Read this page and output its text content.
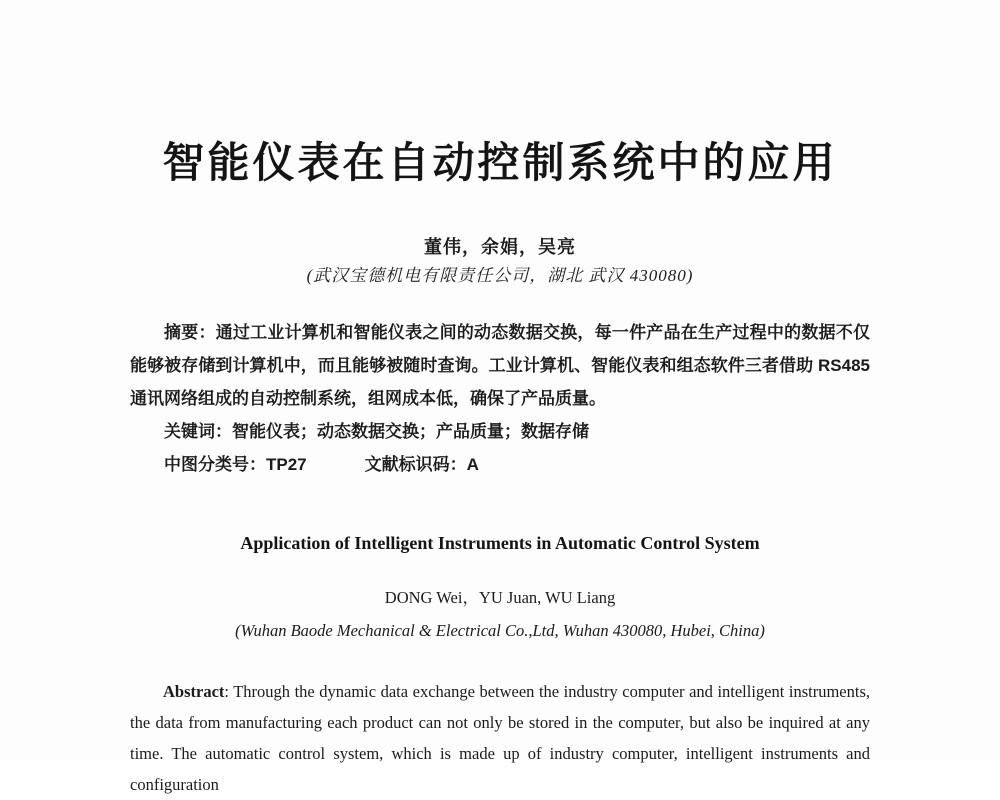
智能仪表在自动控制系统中的应用
董伟，余娟，吴亮
(武汉宝德机电有限责任公司，湖北 武汉 430080)

摘要：通过工业计算机和智能仪表之间的动态数据交换，每一件产品在生产过程中的数据不仅能够被存储到计算机中，而且能够被随时查询。工业计算机、智能仪表和组态软件三者借助 RS485 通讯网络组成的自动控制系统，组网成本低，确保了产品质量。

关键词：智能仪表；动态数据交换；产品质量；数据存储

中图分类号：TP27	文献标识码：A

Application of Intelligent Instruments in Automatic Control System
DONG Wei，YU Juan, WU Liang
(Wuhan Baode Mechanical & Electrical Co.,Ltd, Wuhan 430080, Hubei, China)

Abstract: Through the dynamic data exchange between the industry computer and intelligent instruments, the data from manufacturing each product can not only be stored in the computer, but also be inquired at any time. The automatic control system, which is made up of industry computer, intelligent instruments and configuration
